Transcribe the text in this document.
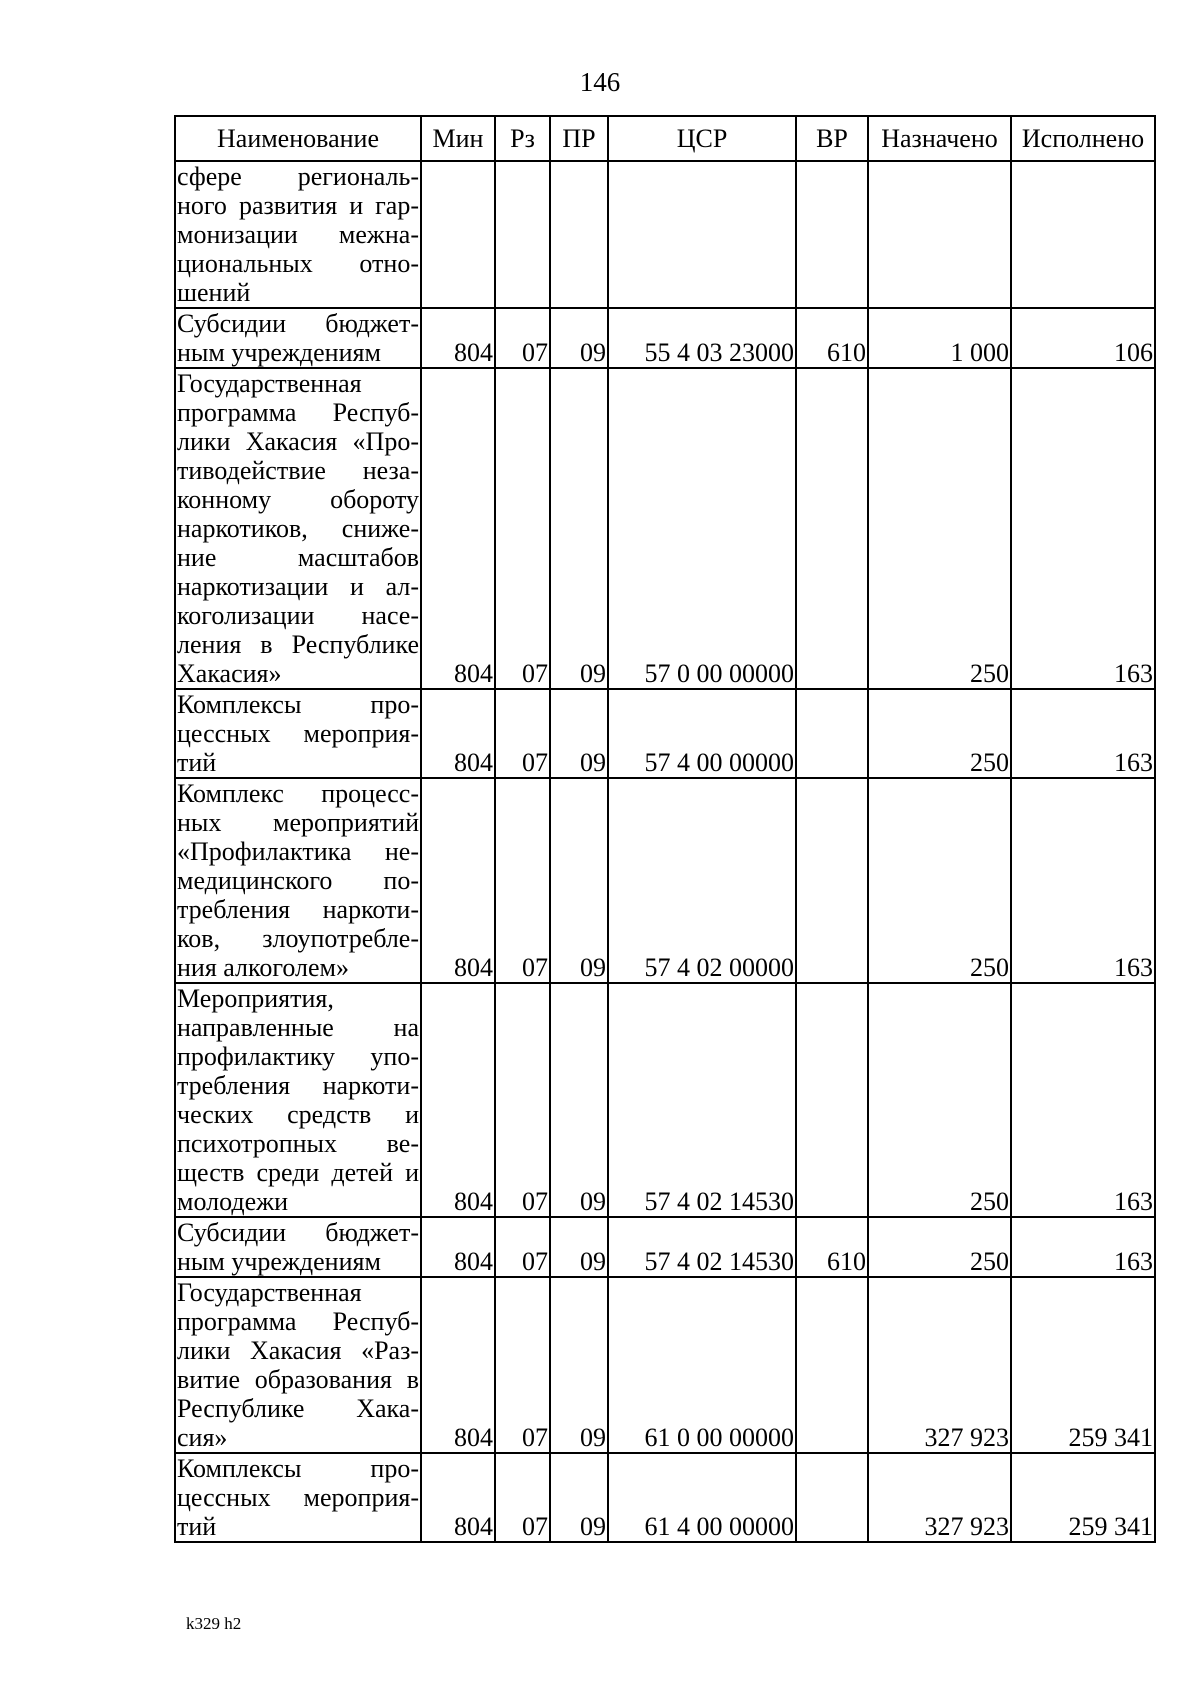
146
Наименование	Мин	Рз	ПР	ЦСР	ВР	Назначено	Исполнено
сфере региональ-ного развития и гар-монизации межна-циональных отно-шений							
Субсидии бюджет-ным учреждениям	804	07	09	55 4 03 23000	610	1 000	106
Государственная программа Респуб-лики Хакасия «Про-тиводействие неза-конному обороту наркотиков, сниже-ние масштабов наркотизации и ал-коголизации насе-ления в Республике Хакасия»	804	07	09	57 0 00 00000		250	163
Комплексы про-цессных мероприя-тий	804	07	09	57 4 00 00000		250	163
Комплекс процесс-ных мероприятий «Профилактика не-медицинского по-требления наркоти-ков, злоупотребле-ния алкоголем»	804	07	09	57 4 02 00000		250	163
Мероприятия, направленные на профилактику упо-требления наркоти-ческих средств и психотропных ве-ществ среди детей и молодежи	804	07	09	57 4 02 14530		250	163
Субсидии бюджет-ным учреждениям	804	07	09	57 4 02 14530	610	250	163
Государственная программа Респуб-лики Хакасия «Раз-витие образования в Республике Хака-сия»	804	07	09	61 0 00 00000		327 923	259 341
Комплексы про-цессных мероприя-тий	804	07	09	61 4 00 00000		327 923	259 341
k329 h2
